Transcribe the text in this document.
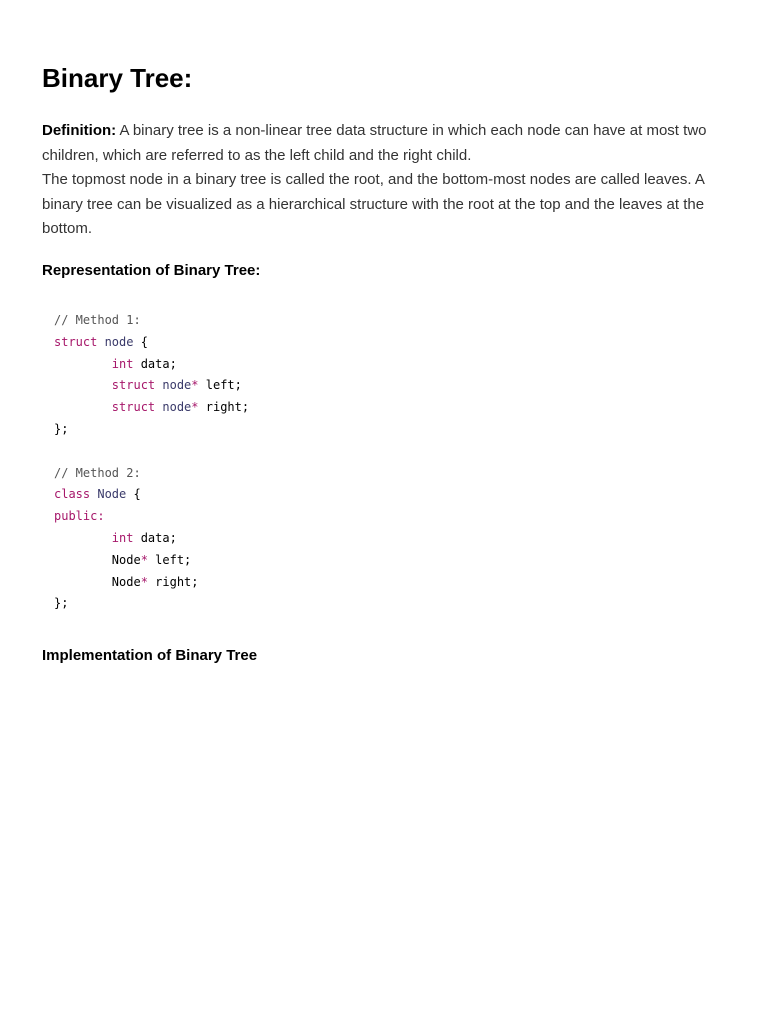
Binary Tree:

Definition: A binary tree is a non-linear tree data structure in which each node can have at most two children, which are referred to as the left child and the right child.
The topmost node in a binary tree is called the root, and the bottom-most nodes are called leaves. A binary tree can be visualized as a hierarchical structure with the root at the top and the leaves at the bottom.

Representation of Binary Tree:
// Method 1:
struct node {
int data;
struct node* left;
struct node* right;
};
// Method 2:
class Node {
public:
int data;
Node* left;
Node* right;
};
Implementation of Binary Tree
